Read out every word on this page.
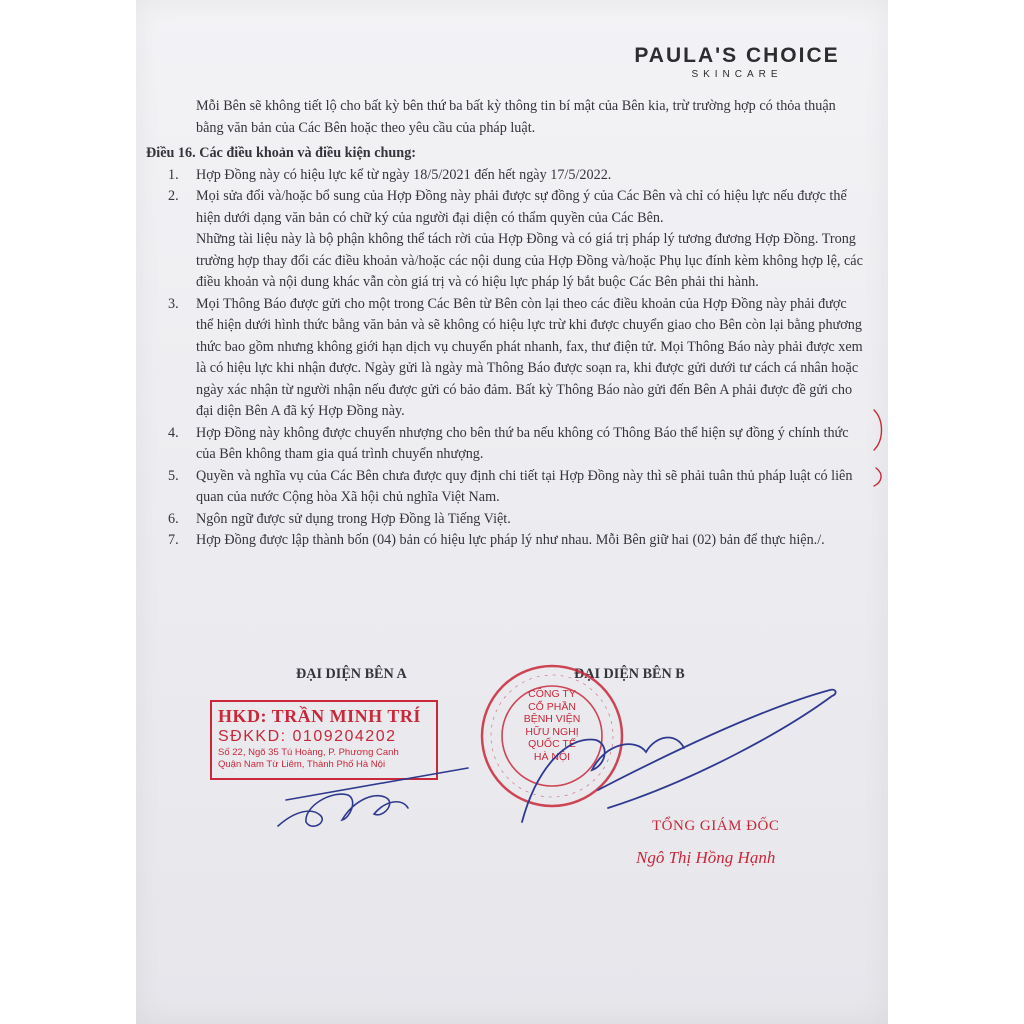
PAULA'S CHOICE
SKINCARE

Mỗi Bên sẽ không tiết lộ cho bất kỳ bên thứ ba bất kỳ thông tin bí mật của Bên kia, trừ trường hợp có thỏa thuận bằng văn bản của Các Bên hoặc theo yêu cầu của pháp luật.

Điều 16. Các điều khoản và điều kiện chung:
1. Hợp Đồng này có hiệu lực kể từ ngày 18/5/2021 đến hết ngày 17/5/2022.
2. Mọi sửa đổi và/hoặc bổ sung của Hợp Đồng này phải được sự đồng ý của Các Bên và chỉ có hiệu lực nếu được thể hiện dưới dạng văn bản có chữ ký của người đại diện có thẩm quyền của Các Bên.

Những tài liệu này là bộ phận không thể tách rời của Hợp Đồng và có giá trị pháp lý tương đương Hợp Đồng. Trong trường hợp thay đổi các điều khoản và/hoặc các nội dung của Hợp Đồng và/hoặc Phụ lục đính kèm không hợp lệ, các điều khoản và nội dung khác vẫn còn giá trị và có hiệu lực pháp lý bắt buộc Các Bên phải thi hành.

3. Mọi Thông Báo được gửi cho một trong Các Bên từ Bên còn lại theo các điều khoản của Hợp Đồng này phải được thể hiện dưới hình thức bằng văn bản và sẽ không có hiệu lực trừ khi được chuyển giao cho Bên còn lại bằng phương thức bao gồm nhưng không giới hạn dịch vụ chuyển phát nhanh, fax, thư điện tử. Mọi Thông Báo này phải được xem là có hiệu lực khi nhận được. Ngày gửi là ngày mà Thông Báo được soạn ra, khi được gửi dưới tư cách cá nhân hoặc ngày xác nhận từ người nhận nếu được gửi có bảo đảm. Bất kỳ Thông Báo nào gửi đến Bên A phải được đề gửi cho đại diện Bên A đã ký Hợp Đồng này.
4. Hợp Đồng này không được chuyển nhượng cho bên thứ ba nếu không có Thông Báo thể hiện sự đồng ý chính thức của Bên không tham gia quá trình chuyển nhượng.
5. Quyền và nghĩa vụ của Các Bên chưa được quy định chi tiết tại Hợp Đồng này thì sẽ phải tuân thủ pháp luật có liên quan của nước Cộng hòa Xã hội chủ nghĩa Việt Nam.
6. Ngôn ngữ được sử dụng trong Hợp Đồng là Tiếng Việt.
7. Hợp Đồng được lập thành bốn (04) bản có hiệu lực pháp lý như nhau. Mỗi Bên giữ hai (02) bản để thực hiện./.
ĐẠI DIỆN BÊN A	ĐẠI DIỆN BÊN B
HKD: TRẦN MINH TRÍ
SĐKKD: 0109204202
Số 22, Ngõ 35 Tú Hoàng, P. Phương Canh
Quận Nam Từ Liêm, Thành Phố Hà Nội
CÔNG TY
CỔ PHẦN
BỆNH VIỆN
HỮU NGHỊ
QUỐC TẾ
HÀ NỘI
TỔNG GIÁM ĐỐC
Ngô Thị Hồng Hạnh
